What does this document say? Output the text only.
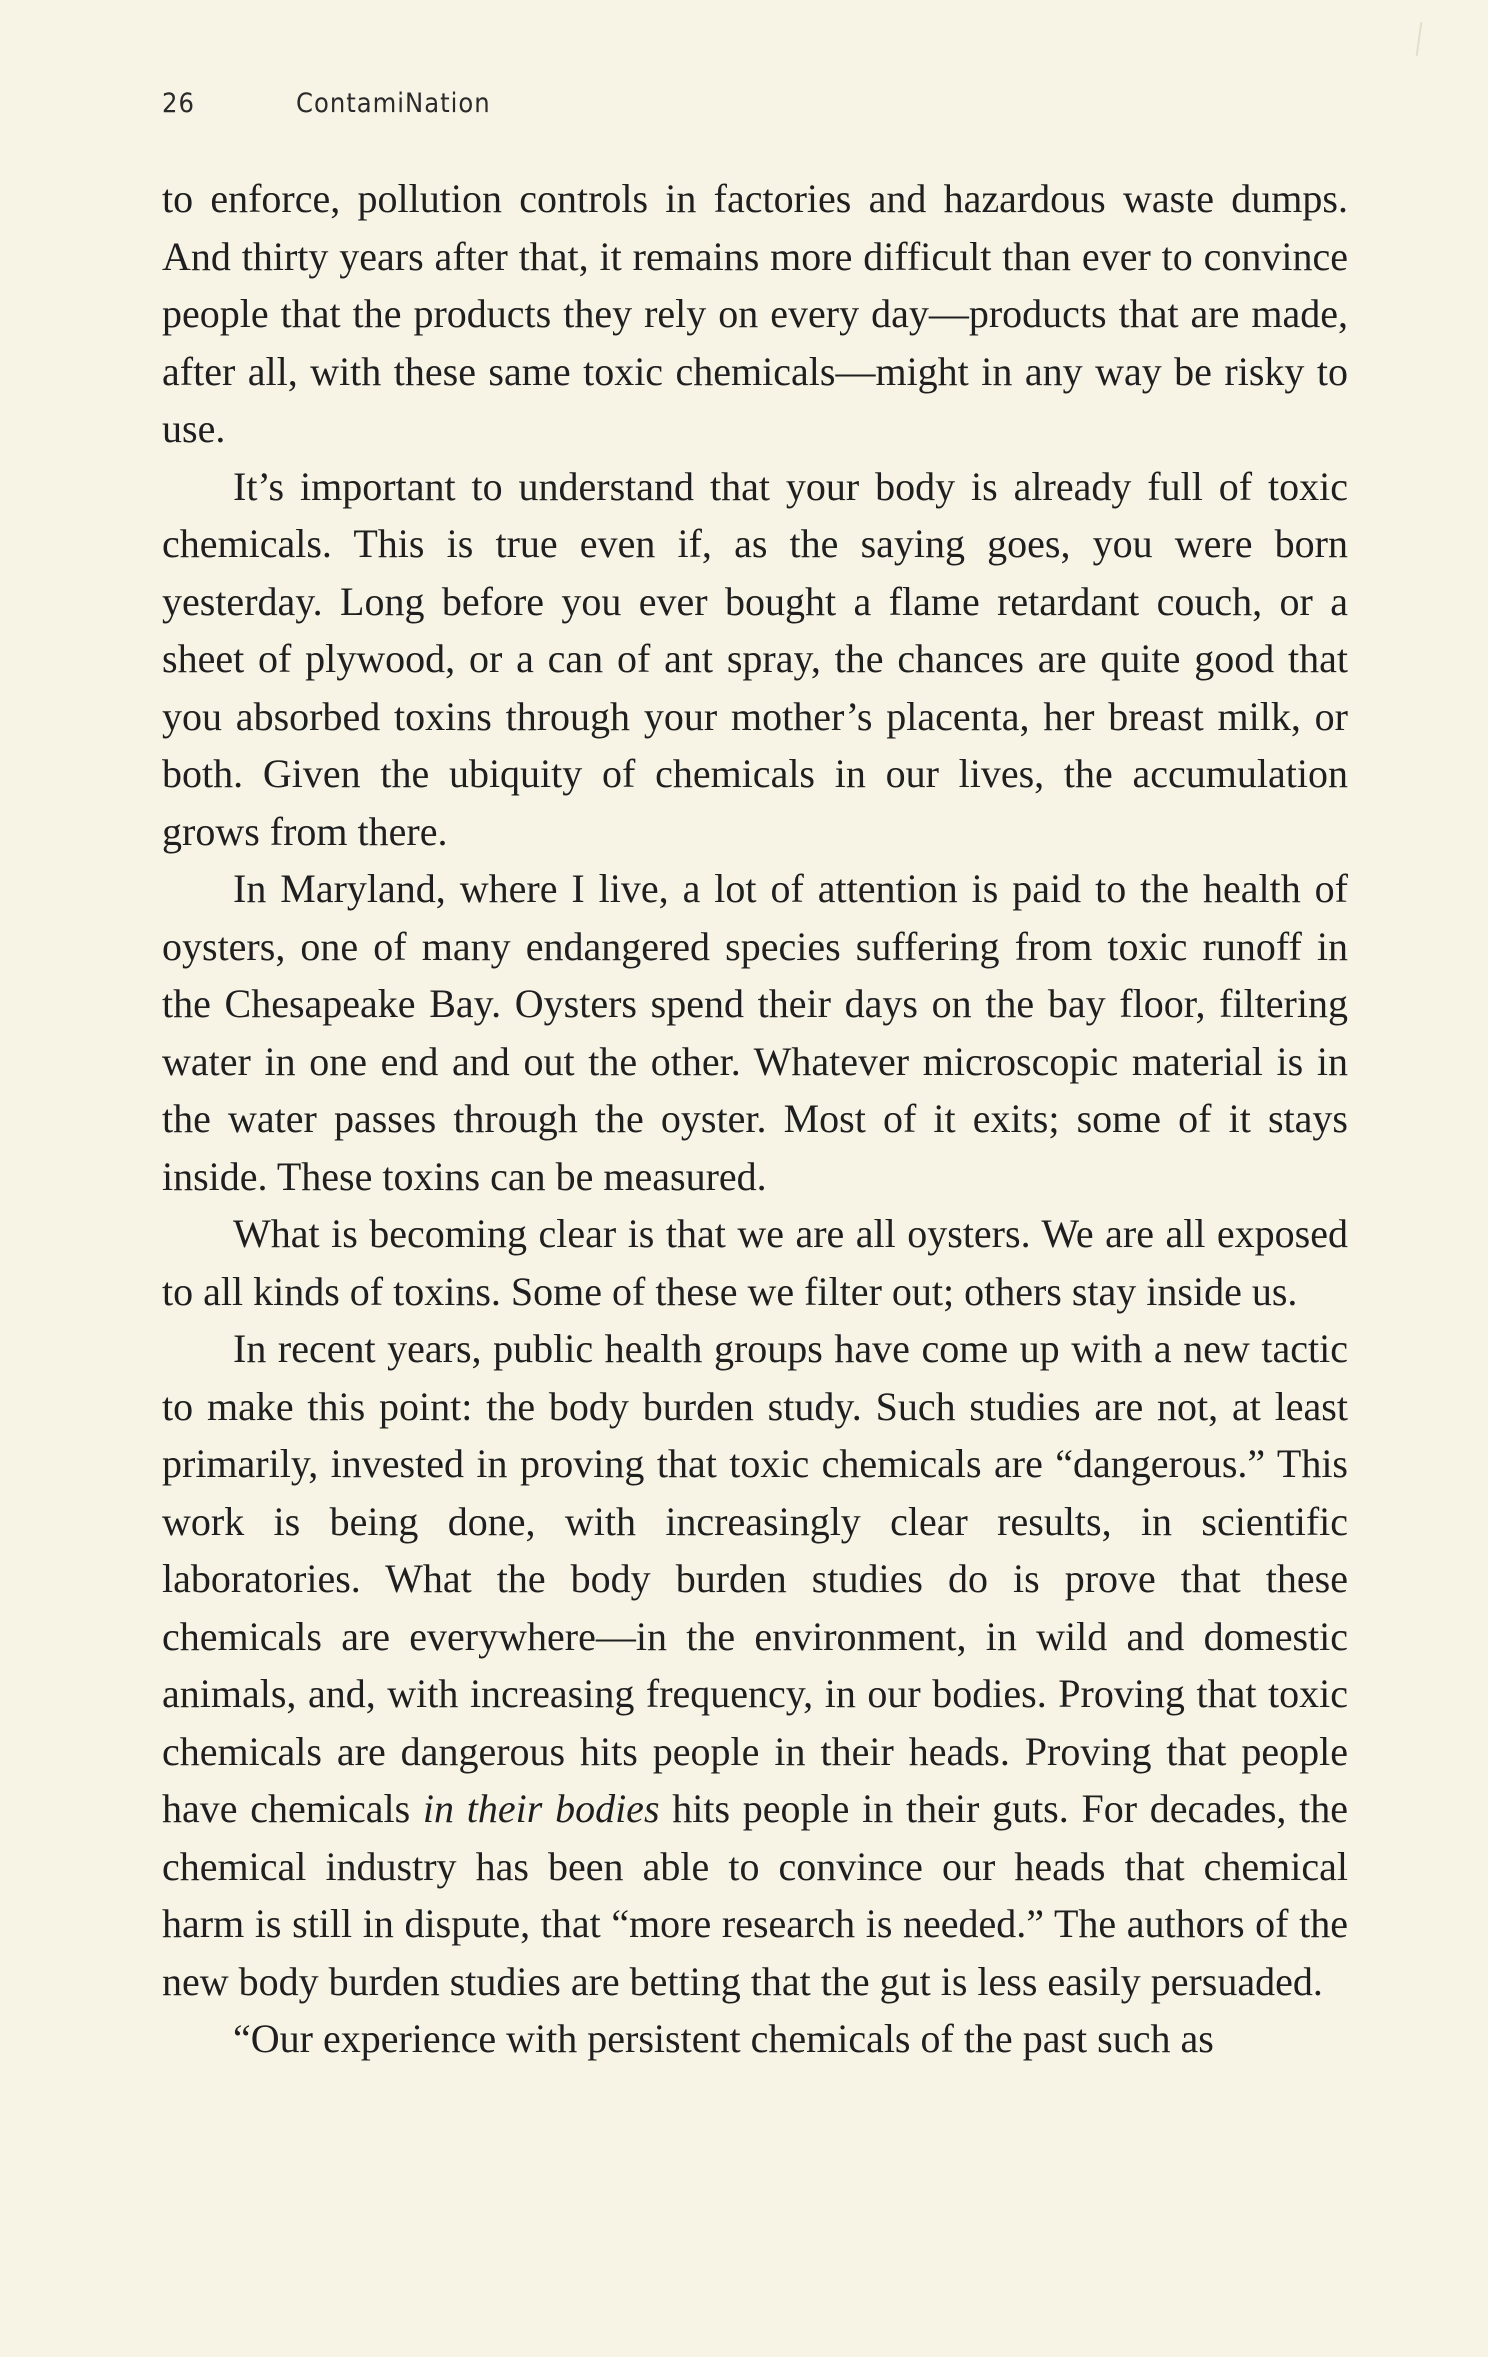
26	ContamiNation

to enforce, pollution controls in factories and hazardous waste dumps. And thirty years after that, it remains more difficult than ever to convince people that the products they rely on every day—products that are made, after all, with these same toxic chemicals—might in any way be risky to use.

It’s important to understand that your body is already full of toxic chemicals. This is true even if, as the saying goes, you were born yesterday. Long before you ever bought a flame retardant couch, or a sheet of plywood, or a can of ant spray, the chances are quite good that you absorbed toxins through your mother’s placenta, her breast milk, or both. Given the ubiquity of chemicals in our lives, the accumulation grows from there.

In Maryland, where I live, a lot of attention is paid to the health of oysters, one of many endangered species suffering from toxic runoff in the Chesapeake Bay. Oysters spend their days on the bay floor, filtering water in one end and out the other. Whatever microscopic material is in the water passes through the oyster. Most of it exits; some of it stays inside. These toxins can be measured.

What is becoming clear is that we are all oysters. We are all exposed to all kinds of toxins. Some of these we filter out; others stay inside us.

In recent years, public health groups have come up with a new tactic to make this point: the body burden study. Such studies are not, at least primarily, invested in proving that toxic chemicals are “dangerous.” This work is being done, with increasingly clear results, in scientific laboratories. What the body burden studies do is prove that these chemicals are everywhere—in the environment, in wild and domestic animals, and, with increasing frequency, in our bodies. Proving that toxic chemicals are dangerous hits people in their heads. Proving that people have chemicals in their bodies hits people in their guts. For decades, the chemical industry has been able to convince our heads that chemical harm is still in dispute, that “more research is needed.” The authors of the new body burden studies are betting that the gut is less easily persuaded.

“Our experience with persistent chemicals of the past such as
